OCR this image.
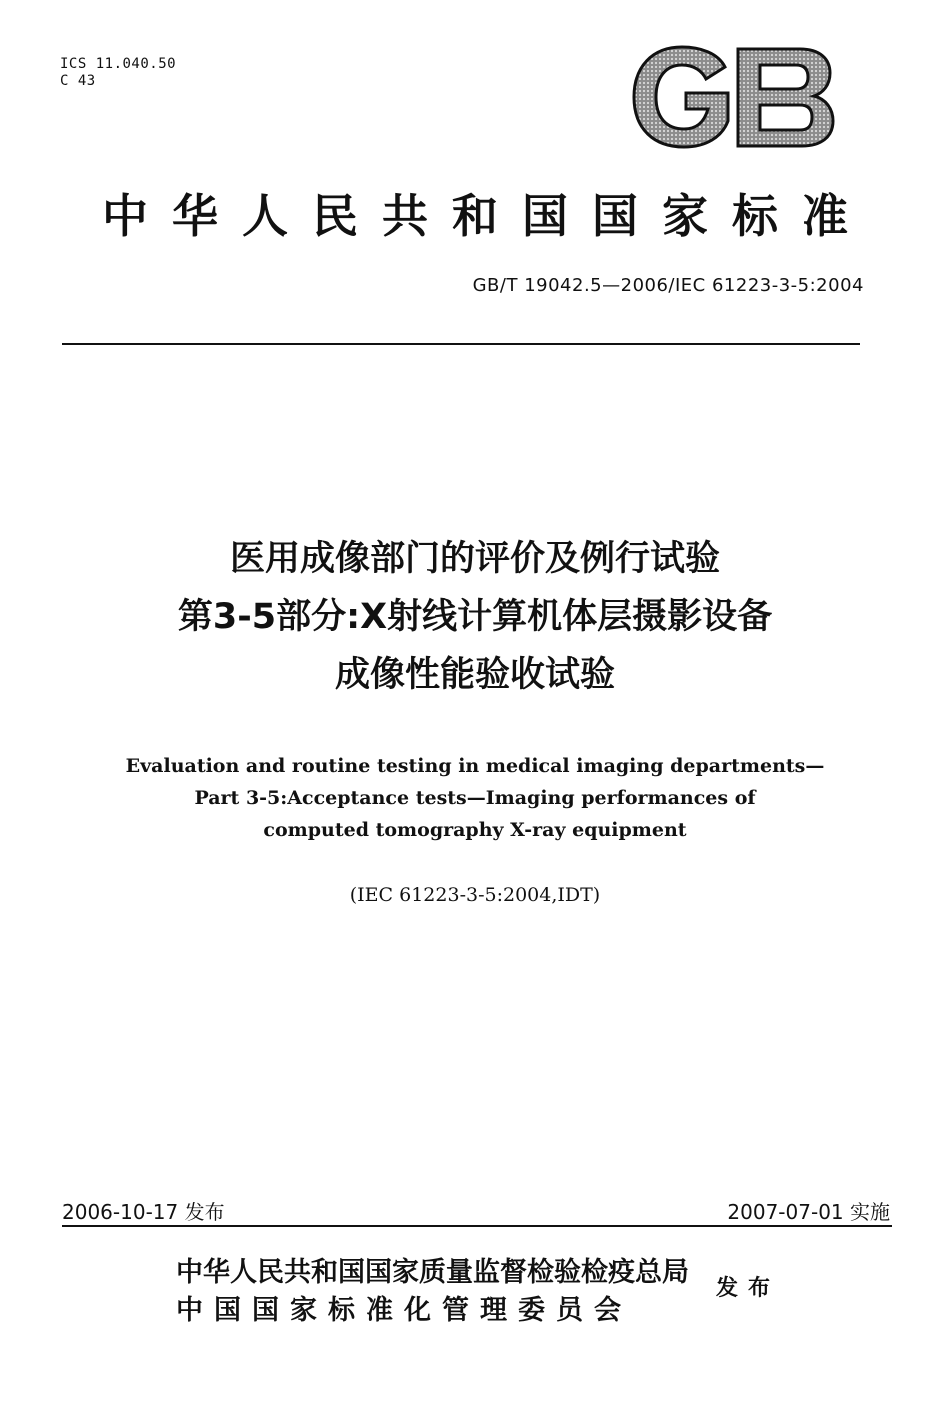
ICS 11.040.50
C 43
中华人民共和国国家标准
GB/T 19042.5—2006/IEC 61223-3-5:2004
医用成像部门的评价及例行试验
第3-5部分:X射线计算机体层摄影设备
成像性能验收试验
Evaluation and routine testing in medical imaging departments—
Part 3-5:Acceptance tests—Imaging performances of
computed tomography X-ray equipment
(IEC 61223-3-5:2004,IDT)
2006-10-17 发布	2007-07-01 实施
中华人民共和国国家质量监督检验检疫总局
中国国家标准化管理委员会
发布
